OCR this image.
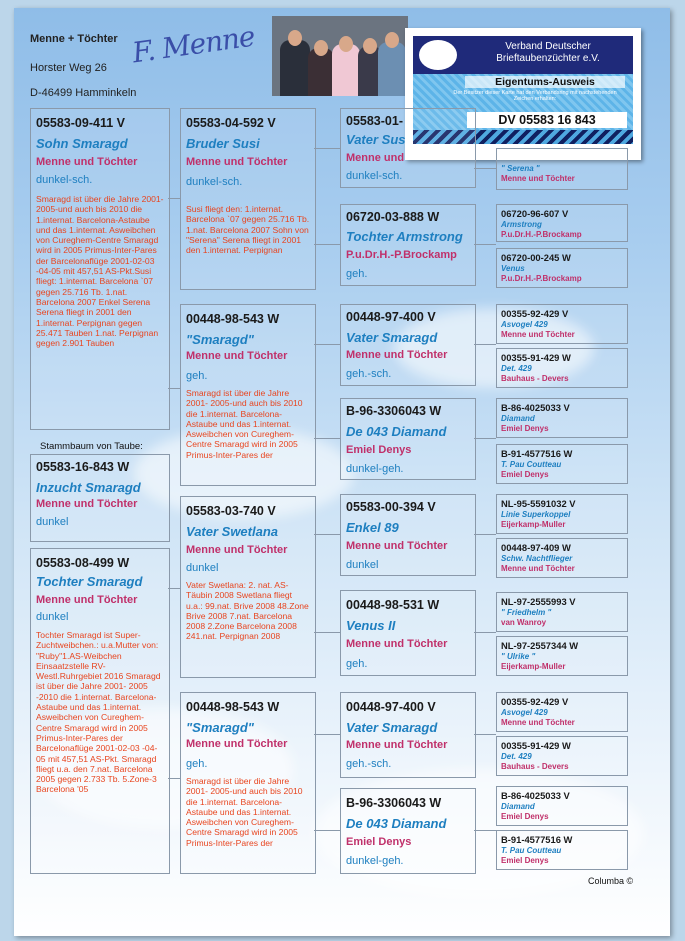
Menne + Töchter
Horster Weg 26
D-46499 Hamminkeln
F. Menne	Verband Deutscher Brieftaubenzüchter e.V.
Eigentums-Ausweis
Der Besitzer dieser Karte hat den Verbandsring mit nachstehenden Zeichen erhalten:
DV 05583 16 843
05583-09-411 V
Sohn Smaragd
Menne und Töchter
dunkel-sch.
Smaragd ist über die Jahre 2001- 2005-und auch bis 2010 die 1.internat. Barcelona-Astaube und das 1.internat. Asweibchen von Cureghem-Centre Smaragd wird in 2005 Primus-Inter-Pares der Barcelonaflüge 2001-02-03 -04-05 mit 457,51 AS-Pkt.Susi fliegt: 1.internat. Barcelona `07 gegen 25.716 Tb. 1.nat. Barcelona 2007 Enkel Serena Serena fliegt in 2001 den 1.internat. Perpignan gegen 25.471 Tauben 1.nat. Perpignan gegen 2.901 Tauben
Stammbaum von Taube:
05583-16-843 W
Inzucht Smaragd
Menne und Töchter
dunkel
05583-08-499 W
Tochter Smaragd
Menne und Töchter
dunkel
Tochter Smaragd ist Super-Zuchtweibchen.: u.a.Mutter von: "Ruby"1.AS-Weibchen Einsaatzstelle RV-Westl.Ruhrgebiet 2016 Smaragd ist über die Jahre 2001- 2005 -2010 die 1.internat. Barcelona-Astaube und das 1.internat. Asweibchen von Cureghem-Centre Smaragd wird in 2005 Primus-Inter-Pares der Barcelonaflüge 2001-02-03 -04-05 mit 457,51 AS-Pkt. Smaragd fliegt u.a. den 7.nat. Barcelona 2005 gegen 2.733 Tb. 5.Zone-3 Barcelona '05
05583-04-592 V
Bruder Susi
Menne und Töchter
dunkel-sch.
Susi fliegt den: 1.internat. Barcelona `07 gegen 25.716 Tb. 1.nat. Barcelona 2007 Sohn von "Serena" Serena fliegt in 2001 den 1.internat. Perpignan
00448-98-543 W
"Smaragd"
Menne und Töchter
geh.
Smaragd ist über die Jahre 2001- 2005-und auch bis 2010 die 1.internat. Barcelona-Astaube und das 1.internat. Asweibchen von Cureghem-Centre Smaragd wird in 2005 Primus-Inter-Pares der
05583-03-740 V
Vater Swetlana
Menne und Töchter
dunkel
Vater Swetlana: 2. nat. AS-Täubin 2008 Swetlana fliegt u.a.: 99.nat. Brive 2008 48.Zone Brive 2008 7.nat. Barcelona 2008 2.Zone Barcelona 2008 241.nat. Perpignan 2008
00448-98-543 W
"Smaragd"
Menne und Töchter
geh.
Smaragd ist über die Jahre 2001- 2005-und auch bis 2010 die 1.internat. Barcelona-Astaube und das 1.internat. Asweibchen von Cureghem-Centre Smaragd wird in 2005 Primus-Inter-Pares der
05583-01-
Vater Sus
Menne und
dunkel-sch.
06720-03-888 W
Tochter Armstrong
P.u.Dr.H.-P.Brockamp
geh.
00448-97-400 V
Vater Smaragd
Menne und Töchter
geh.-sch.
B-96-3306043 W
De 043 Diamand
Emiel Denys
dunkel-geh.
05583-00-394 V
Enkel 89
Menne und Töchter
dunkel
00448-98-531 W
Venus II
Menne und Töchter
geh.
00448-97-400 V
Vater Smaragd
Menne und Töchter
geh.-sch.
B-96-3306043 W
De 043 Diamand
Emiel Denys
dunkel-geh.
" Serena "
Menne und Töchter
06720-96-607 V
Armstrong
P.u.Dr.H.-P.Brockamp
06720-00-245 W
Venus
P.u.Dr.H.-P.Brockamp
00355-92-429 V
Asvogel 429
Menne und Töchter
00355-91-429 W
Det. 429
Bauhaus - Devers
B-86-4025033 V
Diamand
Emiel Denys
B-91-4577516 W
T. Pau Coutteau
Emiel Denys
NL-95-5591032 V
Linie Superkoppel
Eijerkamp-Muller
00448-97-409 W
Schw. Nachtflieger
Menne und Töchter
NL-97-2555993 V
" Friedhelm "
van Wanroy
NL-97-2557344 W
" Ulrike "
Eijerkamp-Muller
00355-92-429 V
Asvogel 429
Menne und Töchter
00355-91-429 W
Det. 429
Bauhaus - Devers
B-86-4025033 V
Diamand
Emiel Denys
B-91-4577516 W
T. Pau Coutteau
Emiel Denys
Columba ©
